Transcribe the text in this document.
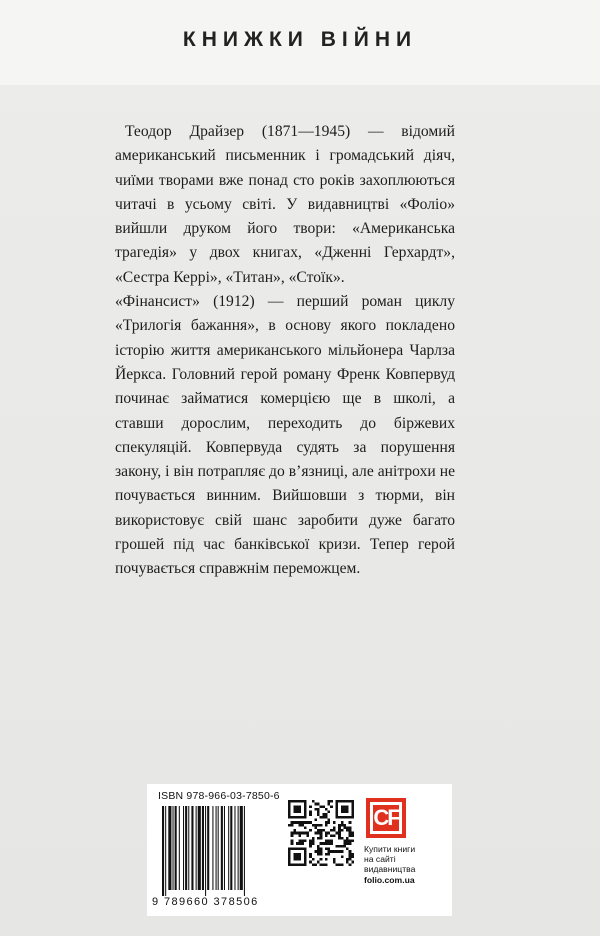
КНИЖКИ ВІЙНИ

Теодор Драйзер (1871—1945) — відомий американський письменник і громадський діяч, чиїми творами вже понад сто років захоплюються читачі в усьому світі. У видавництві «Фоліо» вийшли друком його твори: «Американська трагедія» у двох книгах, «Дженні Герхардт», «Сестра Керрі», «Титан», «Стоїк».

«Фінансист» (1912) — перший роман циклу «Трилогія бажання», в основу якого покладено історію життя американського мільйонера Чарлза Йеркса. Головний герой роману Френк Ковпервуд починає займатися комерцією ще в школі, а ставши дорослим, переходить до біржевих спекуляцій. Ковпервуда судять за порушення закону, і він потрапляє до в’язниці, але анітрохи не почувається винним. Вийшовши з тюрми, він використовує свій шанс заробити дуже багато грошей під час банківської кризи. Тепер герой почувається справжнім переможцем.

ISBN 978-966-03-7850-6
9 789660 378506
CF
Купити книги
на сайті
видавництва
folio.com.ua
